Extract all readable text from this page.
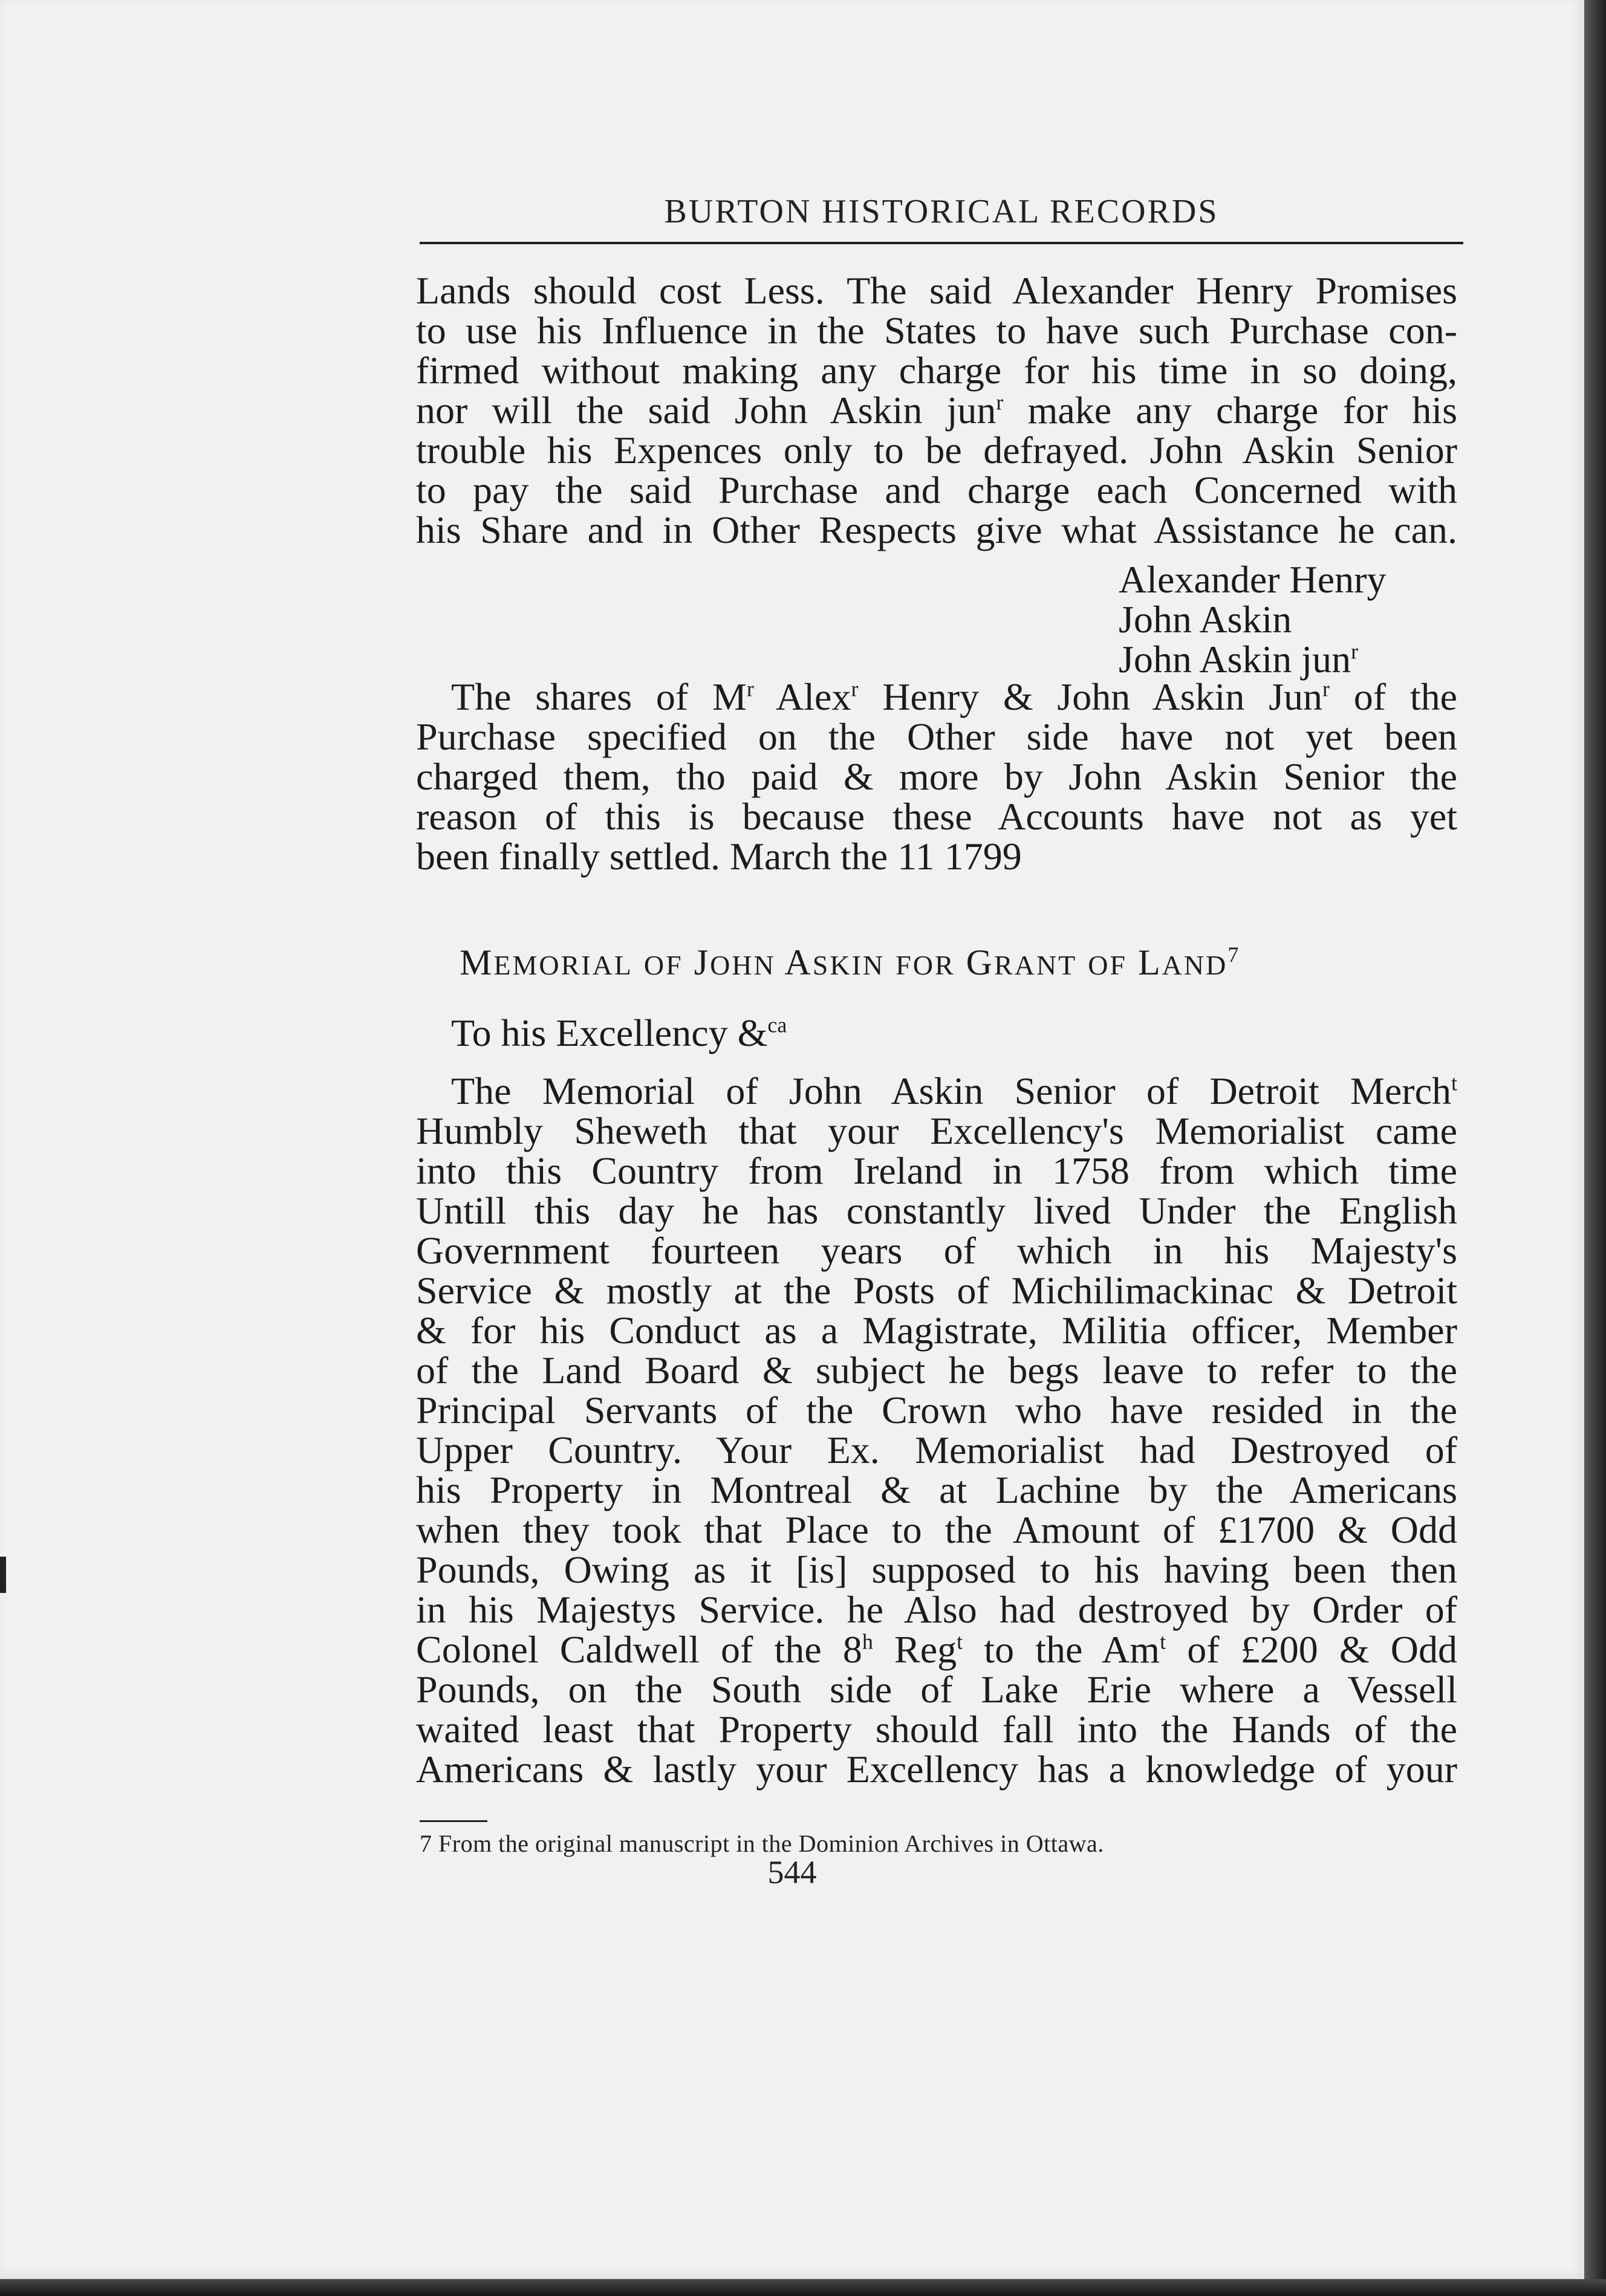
BURTON HISTORICAL RECORDS
Lands should cost Less. The said Alexander Henry Promises
to use his Influence in the States to have such Purchase con-
firmed without making any charge for his time in so doing,
nor will the said John Askin jun$^r$ make any charge for his
trouble his Expences only to be defrayed. John Askin Senior
to pay the said Purchase and charge each Concerned with
his Share and in Other Respects give what Assistance he can.
Alexander Henry
John Askin
John Askin jun$^r$
The shares of $M^r$ Alex$^r$ Henry & John Askin Jun$^r$ of the
Purchase specified on the Other side have not yet been
charged them, tho paid & more by John Askin Senior the
reason of this is because these Accounts have not as yet
been finally settled. March the 11 1799
MEMORIAL OF JOHN ASKIN FOR GRANT OF LAND$^7$
To his Excellency &$^{ca}$
The Memorial of John Askin Senior of Detroit Merch$^t$
Humbly Sheweth that your Excellency's Memorialist came
into this Country from Ireland in 1758 from which time
Untill this day he has constantly lived Under the English
Government fourteen years of which in his Majesty's
Service & mostly at the Posts of Michilimackinac & Detroit
& for his Conduct as a Magistrate, Militia officer, Member
of the Land Board & subject he begs leave to refer to the
Principal Servants of the Crown who have resided in the
Upper Country. Your Ex. Memorialist had Destroyed of
his Property in Montreal & at Lachine by the Americans
when they took that Place to the Amount of £1700 & Odd
Pounds, Owing as it [is] supposed to his having been then
in his Majestys Service. he Also had destroyed by Order of
Colonel Caldwell of the 8$^h$ Reg$^t$ to the Am$^t$ of £200 & Odd
Pounds, on the South side of Lake Erie where a Vessell
waited least that Property should fall into the Hands of the
Americans & lastly your Excellency has a knowledge of your
7 From the original manuscript in the Dominion Archives in Ottawa.
544
